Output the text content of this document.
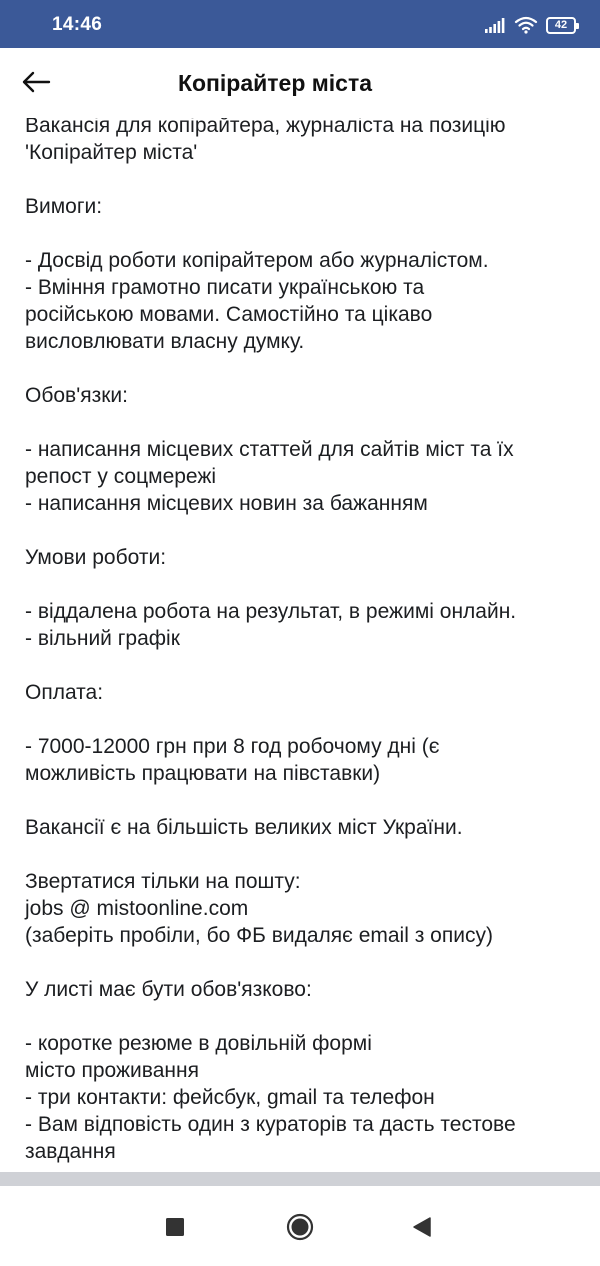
14:46	42
Копірайтер міста
Вакансія для копірайтера, журналіста на позицію
'Копірайтер міста'
Вимоги:
- Досвід роботи копірайтером або журналістом.
- Вміння грамотно писати українською та
російською мовами. Самостійно та цікаво
висловлювати власну думку.
Обов'язки:
- написання місцевих статтей для сайтів міст та їх
репост у соцмережі
- написання місцевих новин за бажанням
Умови роботи:
- віддалена робота на результат, в режимі онлайн.
- вільний графік
Оплата:
- 7000-12000 грн при 8 год робочому дні (є
можливість працювати на півставки)
Вакансії є на більшість великих міст України.
Звертатися тільки на пошту:
jobs @ mistoonline.com
(заберіть пробіли, бо ФБ видаляє email з опису)
У листі має бути обов'язково:
- коротке резюме в довільній формі
місто проживання
- три контакти: фейсбук, gmail та телефон
- Вам відповість один з кураторів та дасть тестове
завдання
